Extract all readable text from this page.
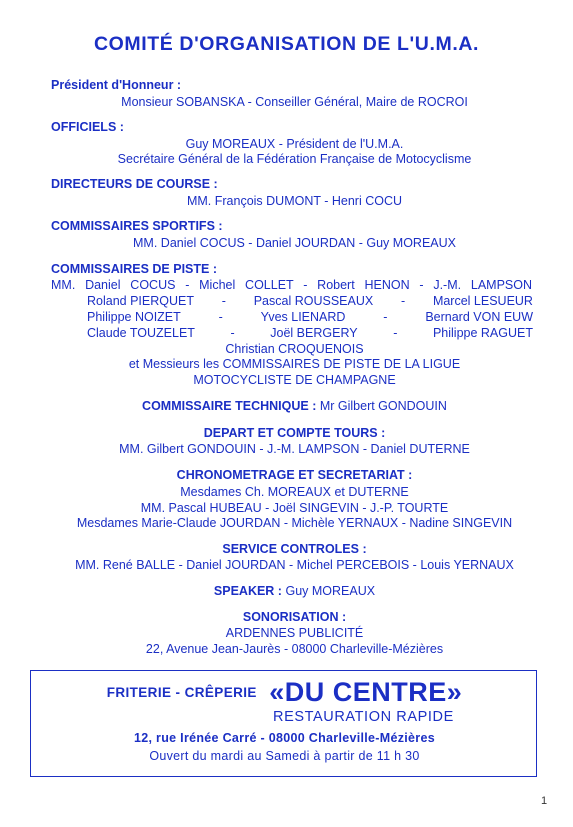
COMITÉ D'ORGANISATION DE L'U.M.A.
Président d'Honneur :
Monsieur SOBANSKA - Conseiller Général, Maire de ROCROI
OFFICIELS :
Guy MOREAUX - Président de l'U.M.A.
Secrétaire Général de la Fédération Française de Motocyclisme
DIRECTEURS DE COURSE :
MM. François DUMONT - Henri COCU
COMMISSAIRES SPORTIFS :
MM. Daniel COCUS - Daniel JOURDAN - Guy MOREAUX
COMMISSAIRES DE PISTE :
MM. Daniel COCUS - Michel COLLET - Robert HENON - J.-M. LAMPSON
Roland PIERQUET - Pascal ROUSSEAUX - Marcel LESUEUR
Philippe NOIZET	-	Yves LIENARD	-	Bernard VON EUW
Claude TOUZELET	-	Joël BERGERY	-	Philippe RAGUET
Christian CROQUENOIS
et Messieurs les COMMISSAIRES DE PISTE DE LA LIGUE
MOTOCYCLISTE DE CHAMPAGNE
COMMISSAIRE TECHNIQUE : Mr Gilbert GONDOUIN
DEPART ET COMPTE TOURS :
MM. Gilbert GONDOUIN - J.-M. LAMPSON - Daniel DUTERNE
CHRONOMETRAGE ET SECRETARIAT :
Mesdames Ch. MOREAUX et DUTERNE
MM. Pascal HUBEAU - Joël SINGEVIN - J.-P. TOURTE
Mesdames Marie-Claude JOURDAN - Michèle YERNAUX - Nadine SINGEVIN
SERVICE CONTROLES :
MM. René BALLE - Daniel JOURDAN - Michel PERCEBOIS - Louis YERNAUX
SPEAKER : Guy MOREAUX
SONORISATION :
ARDENNES PUBLICITÉ
22, Avenue Jean-Jaurès - 08000 Charleville-Mézières
FRITERIE - CRÊPERIE «DU CENTRE»
RESTAURATION RAPIDE
12, rue Irénée Carré - 08000 Charleville-Mézières
Ouvert du mardi au Samedi à partir de 11 h 30
1
